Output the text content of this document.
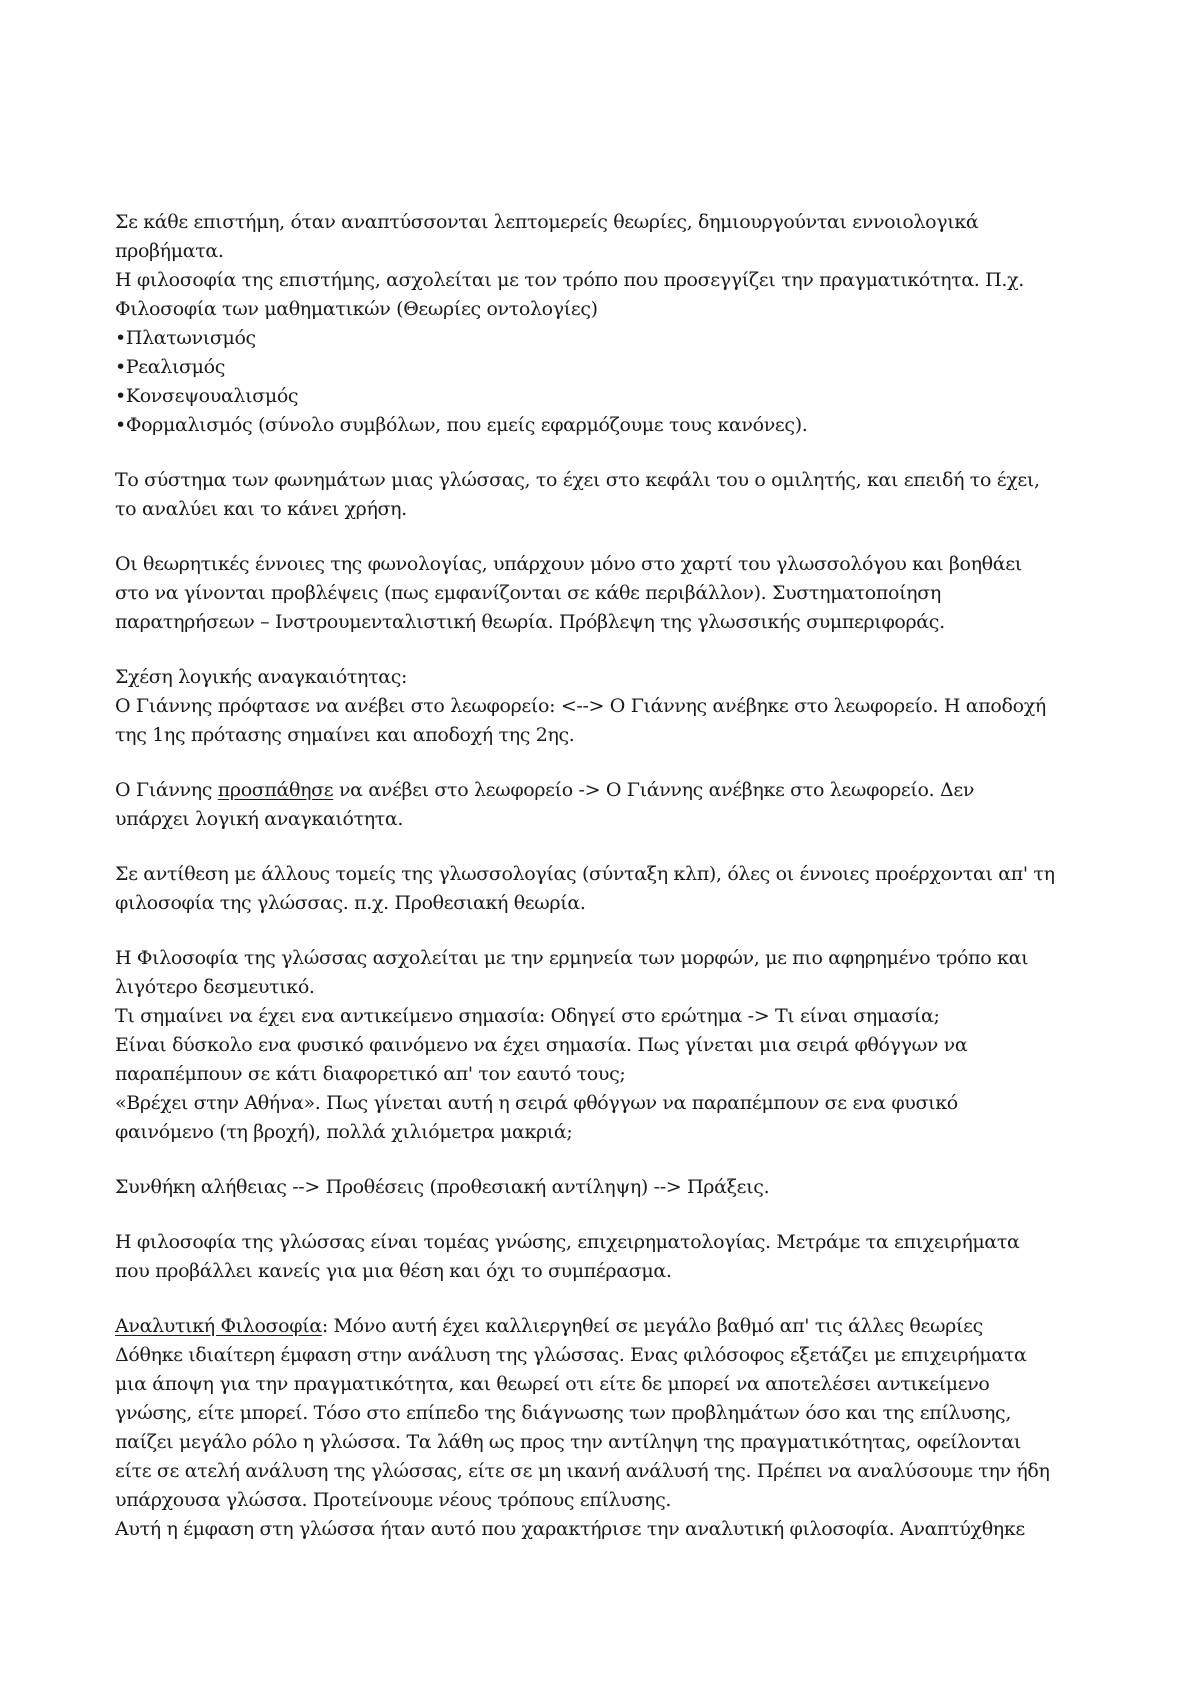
Σε κάθε επιστήμη, όταν αναπτύσσονται λεπτομερείς θεωρίες, δημιουργούνται εννοιολογικά
προβήματα.
Η φιλοσοφία της επιστήμης, ασχολείται με τον τρόπο που προσεγγίζει την πραγματικότητα. Π.χ.
Φιλοσοφία των μαθηματικών (Θεωρίες οντολογίες)
•Πλατωνισμός
•Ρεαλισμός
•Κονσεψουαλισμός
•Φορμαλισμός (σύνολο συμβόλων, που εμείς εφαρμόζουμε τους κανόνες).
Το σύστημα των φωνημάτων μιας γλώσσας, το έχει στο κεφάλι του ο ομιλητής, και επειδή το έχει,
το αναλύει και το κάνει χρήση.
Οι θεωρητικές έννοιες της φωνολογίας, υπάρχουν μόνο στο χαρτί του γλωσσολόγου και βοηθάει
στο να γίνονται προβλέψεις (πως εμφανίζονται σε κάθε περιβάλλον). Συστηματοποίηση
παρατηρήσεων – Ινστρουμενταλιστική θεωρία. Πρόβλεψη της γλωσσικής συμπεριφοράς.
Σχέση λογικής αναγκαιότητας:
Ο Γιάννης πρόφτασε να ανέβει στο λεωφορείο: <--> Ο Γιάννης ανέβηκε στο λεωφορείο. Η αποδοχή
της 1ης πρότασης σημαίνει και αποδοχή της 2ης.
Ο Γιάννης προσπάθησε να ανέβει στο λεωφορείο -> Ο Γιάννης ανέβηκε στο λεωφορείο. Δεν
υπάρχει λογική αναγκαιότητα.
Σε αντίθεση με άλλους τομείς της γλωσσολογίας (σύνταξη κλπ), όλες οι έννοιες προέρχονται απ' τη
φιλοσοφία της γλώσσας. π.χ. Προθεσιακή θεωρία.
Η Φιλοσοφία της γλώσσας ασχολείται με την ερμηνεία των μορφών, με πιο αφηρημένο τρόπο και
λιγότερο δεσμευτικό.
Τι σημαίνει να έχει ενα αντικείμενο σημασία: Οδηγεί στο ερώτημα -> Τι είναι σημασία;
Είναι δύσκολο ενα φυσικό φαινόμενο να έχει σημασία. Πως γίνεται μια σειρά φθόγγων να
παραπέμπουν σε κάτι διαφορετικό απ' τον εαυτό τους;
«Βρέχει στην Αθήνα». Πως γίνεται αυτή η σειρά φθόγγων να παραπέμπουν σε ενα φυσικό
φαινόμενο (τη βροχή), πολλά χιλιόμετρα μακριά;
Συνθήκη αλήθειας --> Προθέσεις (προθεσιακή αντίληψη) --> Πράξεις.
Η φιλοσοφία της γλώσσας είναι τομέας γνώσης, επιχειρηματολογίας. Μετράμε τα επιχειρήματα
που προβάλλει κανείς για μια θέση και όχι το συμπέρασμα.
Αναλυτική Φιλοσοφία: Μόνο αυτή έχει καλλιεργηθεί σε μεγάλο βαθμό απ' τις άλλες θεωρίες
Δόθηκε ιδιαίτερη έμφαση στην ανάλυση της γλώσσας. Ενας φιλόσοφος εξετάζει με επιχειρήματα
μια άποψη για την πραγματικότητα, και θεωρεί οτι είτε δε μπορεί να αποτελέσει αντικείμενο
γνώσης, είτε μπορεί. Τόσο στο επίπεδο της διάγνωσης των προβλημάτων όσο και της επίλυσης,
παίζει μεγάλο ρόλο η γλώσσα. Τα λάθη ως προς την αντίληψη της πραγματικότητας, οφείλονται
είτε σε ατελή ανάλυση της γλώσσας, είτε σε μη ικανή ανάλυσή της. Πρέπει να αναλύσουμε την ήδη
υπάρχουσα γλώσσα. Προτείνουμε νέους τρόπους επίλυσης.
Αυτή η έμφαση στη γλώσσα ήταν αυτό που χαρακτήρισε την αναλυτική φιλοσοφία. Αναπτύχθηκε
